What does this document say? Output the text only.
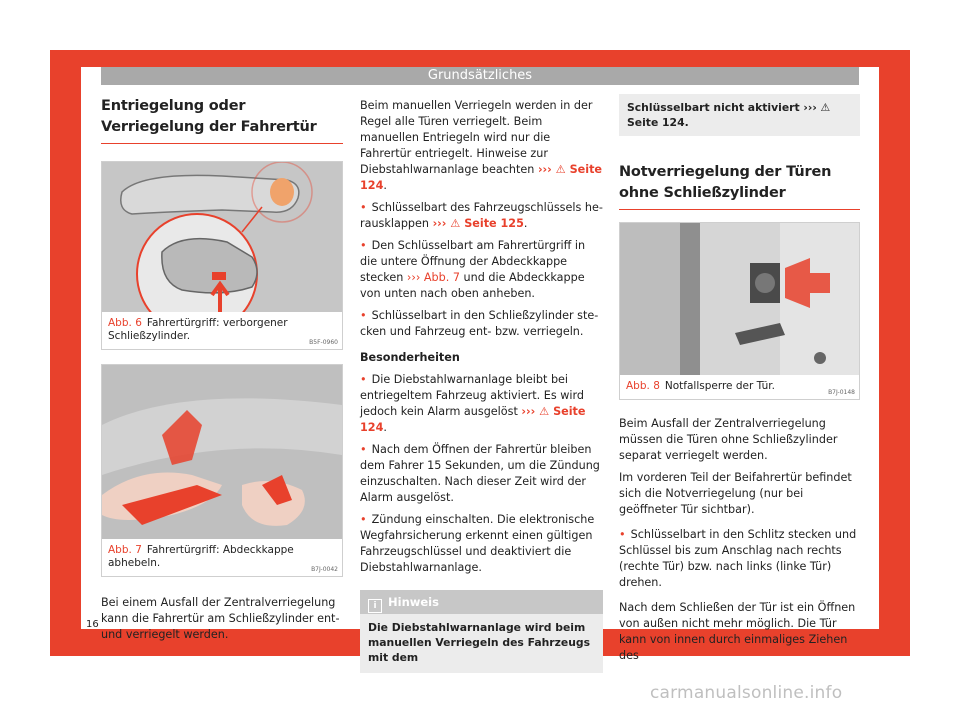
Grundsätzliches
Entriegelung oder Verriegelung der Fahrertür
B5F-0960
Abb. 6 Fahrertürgriff: verborgener Schließzylinder.
B7J-0042
Abb. 7 Fahrertürgriff: Abdeckkappe abhebeln.

Bei einem Ausfall der Zentralverriegelung kann die Fahrertür am Schließzylinder ent- und verriegelt werden.

Beim manuellen Verriegeln werden in der Regel alle Türen verriegelt. Beim manuellen Entriegeln wird nur die Fahrertür entriegelt. Hinweise zur Diebstahlwarnanlage beachten ››› ⚠ Seite 124.

• Schlüsselbart des Fahrzeugschlüssels herausklappen ››› ⚠ Seite 125.

• Den Schlüsselbart am Fahrertürgriff in die untere Öffnung der Abdeckkappe stecken ››› Abb. 7 und die Abdeckkappe von unten nach oben anheben.

• Schlüsselbart in den Schließzylinder stecken und Fahrzeug ent- bzw. verriegeln.

Besonderheiten

• Die Diebstahlwarnanlage bleibt bei entriegeltem Fahrzeug aktiviert. Es wird jedoch kein Alarm ausgelöst ››› ⚠ Seite 124.

• Nach dem Öffnen der Fahrertür bleiben dem Fahrer 15 Sekunden, um die Zündung einzuschalten. Nach dieser Zeit wird der Alarm ausgelöst.

• Zündung einschalten. Die elektronische Wegfahrsicherung erkennt einen gültigen Fahrzeugschlüssel und deaktiviert die Diebstahlwarnanlage.

i Hinweis
Die Diebstahlwarnanlage wird beim manuellen Verriegeln des Fahrzeugs mit dem
Schlüsselbart nicht aktiviert ››› ⚠ Seite 124.
Notverriegelung der Türen ohne Schließzylinder
B7J-0148
Abb. 8 Notfallsperre der Tür.

Beim Ausfall der Zentralverriegelung müssen die Türen ohne Schließzylinder separat verriegelt werden.

Im vorderen Teil der Beifahrertür befindet sich die Notverriegelung (nur bei geöffneter Tür sichtbar).

• Schlüsselbart in den Schlitz stecken und Schlüssel bis zum Anschlag nach rechts (rechte Tür) bzw. nach links (linke Tür) drehen.

Nach dem Schließen der Tür ist ein Öffnen von außen nicht mehr möglich. Die Tür kann von innen durch einmaliges Ziehen des

16
carmanualsonline.info
